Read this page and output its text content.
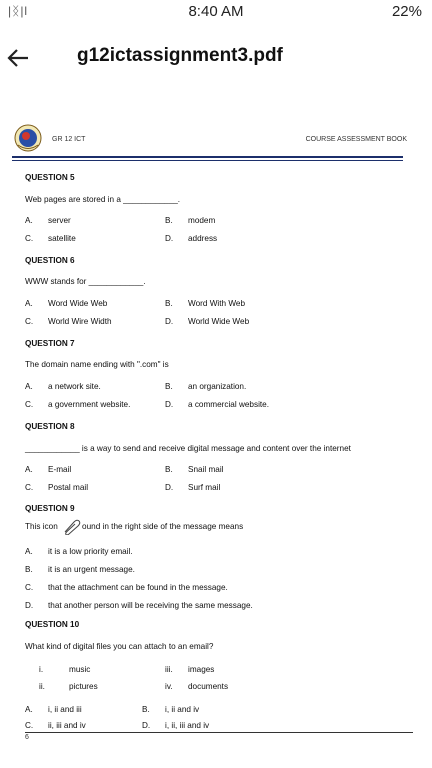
|ᛝ|l	8:40 AM	22%
g12ictassignment3.pdf
GR 12 ICT	COURSE ASSESSMENT BOOK
QUESTION 5
Web pages are stored in a ____________.
A. server	B. modem
C. satellite	D. address
QUESTION 6
WWW stands for ____________.
A. Word Wide Web	B. Word With Web
C. World Wire Width	D. World Wide Web
QUESTION 7
The domain name ending with ".com" is
A. a network site.	B. an organization.
C. a government website.	D. a commercial website.
QUESTION 8
____________ is a way to send and receive digital message and content over the internet
A. E-mail	B. Snail mail
C. Postal mail	D. Surf mail
QUESTION 9
This icon	ound in the right side of the message means
A. it is a low priority email.
B. it is an urgent message.
C. that the attachment can be found in the message.
D. that another person will be receiving the same message.
QUESTION 10
What kind of digital files you can attach to an email?
i.	music	iii. images
ii.	pictures	iv. documents
A. i, ii and iii	B. i, ii and iv
C. ii, iii and iv	D. i, ii, iii and iv
6
